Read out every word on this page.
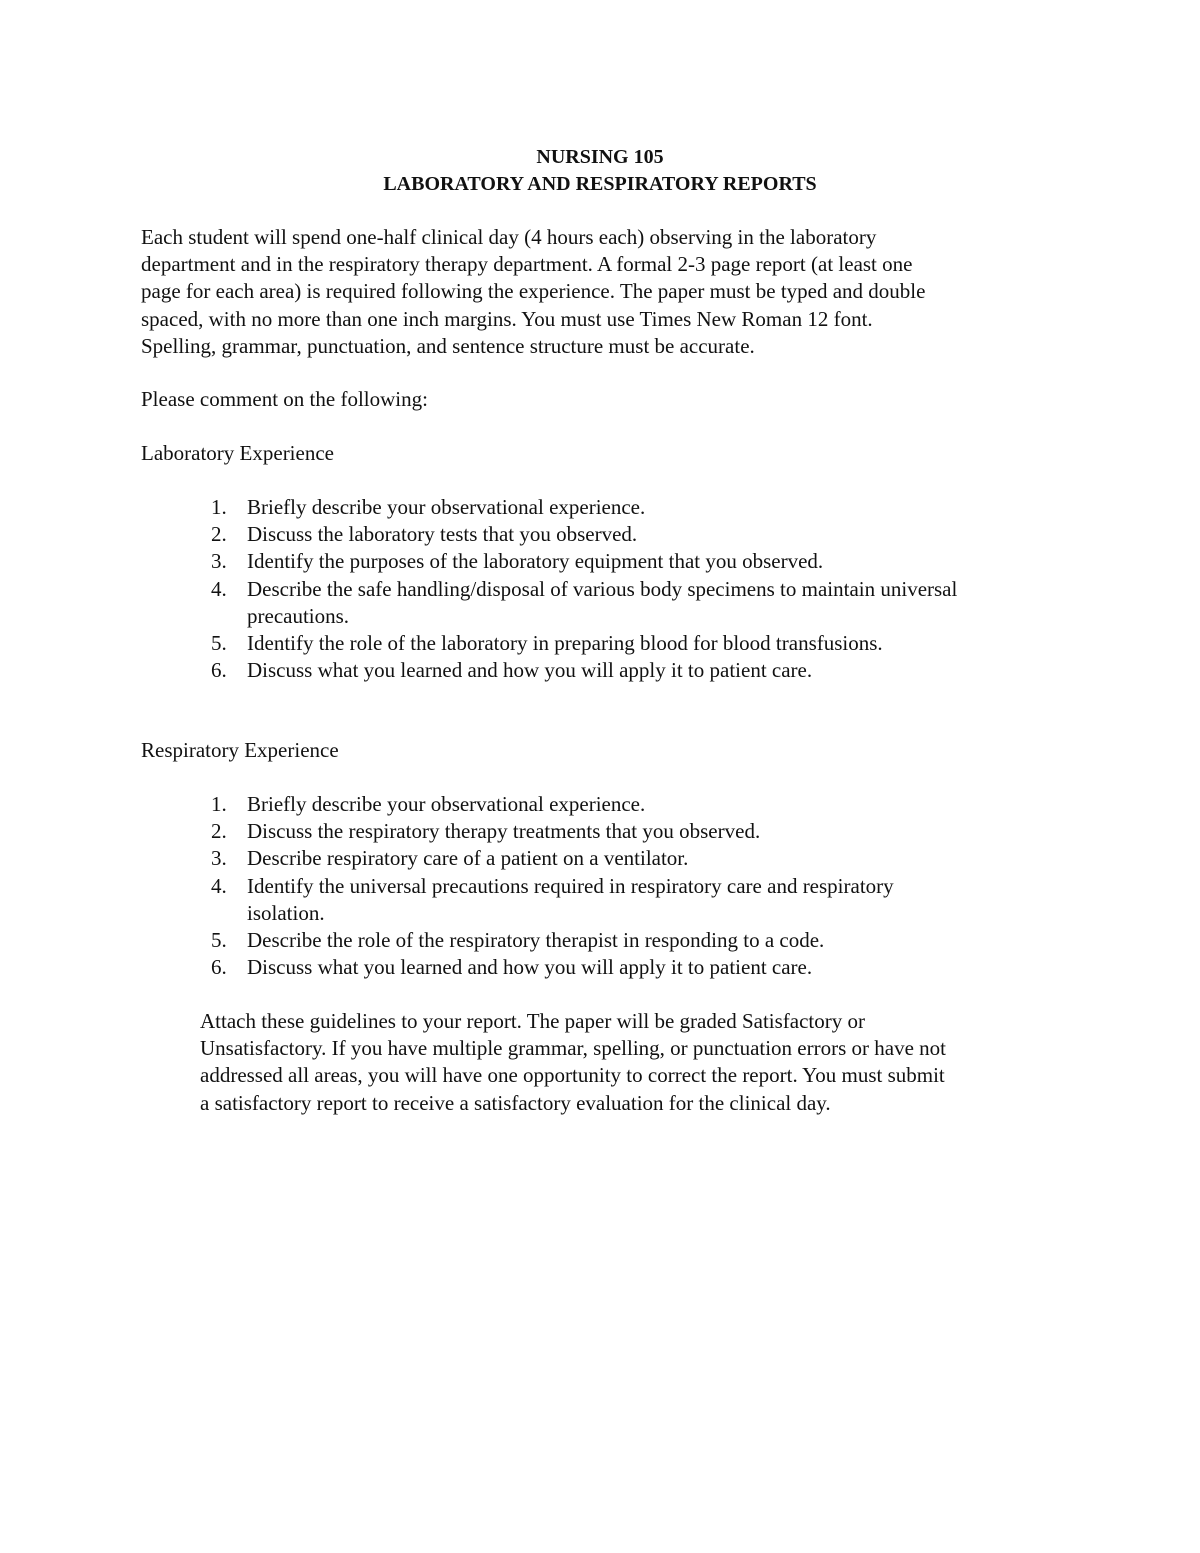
NURSING 105
LABORATORY AND RESPIRATORY REPORTS
Each student will spend one-half clinical day (4 hours each) observing in the laboratory
department and in the respiratory therapy department. A formal 2-3 page report (at least one
page for each area) is required following the experience. The paper must be typed and double
spaced, with no more than one inch margins. You must use Times New Roman 12 font.
Spelling, grammar, punctuation, and sentence structure must be accurate.
Please comment on the following:
Laboratory Experience
1. Briefly describe your observational experience.
2. Discuss the laboratory tests that you observed.
3. Identify the purposes of the laboratory equipment that you observed.
4. Describe the safe handling/disposal of various body specimens to maintain universal
precautions.
5. Identify the role of the laboratory in preparing blood for blood transfusions.
6. Discuss what you learned and how you will apply it to patient care.
Respiratory Experience
1. Briefly describe your observational experience.
2. Discuss the respiratory therapy treatments that you observed.
3. Describe respiratory care of a patient on a ventilator.
4. Identify the universal precautions required in respiratory care and respiratory
isolation.
5. Describe the role of the respiratory therapist in responding to a code.
6. Discuss what you learned and how you will apply it to patient care.
Attach these guidelines to your report. The paper will be graded Satisfactory or
Unsatisfactory. If you have multiple grammar, spelling, or punctuation errors or have not
addressed all areas, you will have one opportunity to correct the report. You must submit
a satisfactory report to receive a satisfactory evaluation for the clinical day.
